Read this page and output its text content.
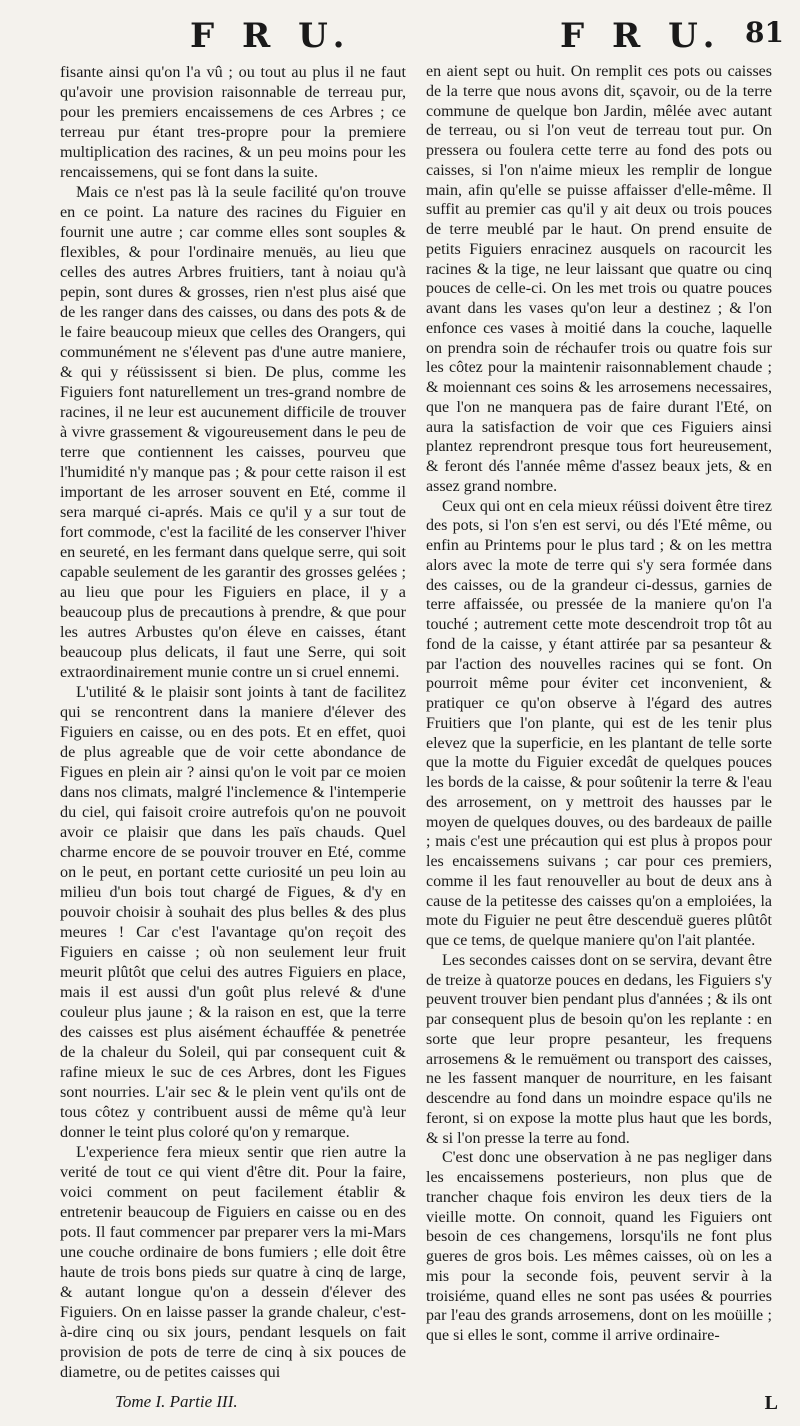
F R U.	F R U. 81

fisante ainsi qu'on l'a vû ; ou tout au plus il ne faut qu'avoir une provision raisonnable de terreau pur, pour les premiers encaissemens de ces Arbres ; ce terreau pur étant tres-propre pour la premiere multiplication des racines, & un peu moins pour les rencaissemens, qui se font dans la suite.

Mais ce n'est pas là la seule facilité qu'on trouve en ce point. La nature des racines du Figuier en fournit une autre ; car comme elles sont souples & flexibles, & pour l'ordinaire menuës, au lieu que celles des autres Arbres fruitiers, tant à noiau qu'à pepin, sont dures & grosses, rien n'est plus aisé que de les ranger dans des caisses, ou dans des pots & de le faire beaucoup mieux que celles des Orangers, qui communément ne s'élevent pas d'une autre maniere, & qui y réüssissent si bien. De plus, comme les Figuiers font naturellement un tres-grand nombre de racines, il ne leur est aucunement difficile de trouver à vivre grassement & vigoureusement dans le peu de terre que contiennent les caisses, pourveu que l'humidité n'y manque pas ; & pour cette raison il est important de les arroser souvent en Eté, comme il sera marqué ci-aprés. Mais ce qu'il y a sur tout de fort commode, c'est la facilité de les conserver l'hiver en seureté, en les fermant dans quelque serre, qui soit capable seulement de les garantir des grosses gelées ; au lieu que pour les Figuiers en place, il y a beaucoup plus de precautions à prendre, & que pour les autres Arbustes qu'on éleve en caisses, étant beaucoup plus delicats, il faut une Serre, qui soit extraordinairement munie contre un si cruel ennemi.

L'utilité & le plaisir sont joints à tant de facilitez qui se rencontrent dans la maniere d'élever des Figuiers en caisse, ou en des pots. Et en effet, quoi de plus agreable que de voir cette abondance de Figues en plein air ? ainsi qu'on le voit par ce moien dans nos climats, malgré l'inclemence & l'intemperie du ciel, qui faisoit croire autrefois qu'on ne pouvoit avoir ce plaisir que dans les païs chauds. Quel charme encore de se pouvoir trouver en Eté, comme on le peut, en portant cette curiosité un peu loin au milieu d'un bois tout chargé de Figues, & d'y en pouvoir choisir à souhait des plus belles & des plus meures ! Car c'est l'avantage qu'on reçoit des Figuiers en caisse ; où non seulement leur fruit meurit plûtôt que celui des autres Figuiers en place, mais il est aussi d'un goût plus relevé & d'une couleur plus jaune ; & la raison en est, que la terre des caisses est plus aisément échauffée & penetrée de la chaleur du Soleil, qui par consequent cuit & rafine mieux le suc de ces Arbres, dont les Figues sont nourries. L'air sec & le plein vent qu'ils ont de tous côtez y contribuent aussi de même qu'à leur donner le teint plus coloré qu'on y remarque.

L'experience fera mieux sentir que rien autre la verité de tout ce qui vient d'être dit. Pour la faire, voici comment on peut facilement établir & entretenir beaucoup de Figuiers en caisse ou en des pots. Il faut commencer par preparer vers la mi-Mars une couche ordinaire de bons fumiers ; elle doit être haute de trois bons pieds sur quatre à cinq de large, & autant longue qu'on a dessein d'élever des Figuiers. On en laisse passer la grande chaleur, c'est-à-dire cinq ou six jours, pendant lesquels on fait provision de pots de terre de cinq à six pouces de diametre, ou de petites caisses qui

en aient sept ou huit. On remplit ces pots ou caisses de la terre que nous avons dit, sçavoir, ou de la terre commune de quelque bon Jardin, mêlée avec autant de terreau, ou si l'on veut de terreau tout pur. On pressera ou foulera cette terre au fond des pots ou caisses, si l'on n'aime mieux les remplir de longue main, afin qu'elle se puisse affaisser d'elle-même. Il suffit au premier cas qu'il y ait deux ou trois pouces de terre meublé par le haut. On prend ensuite de petits Figuiers enracinez ausquels on racourcit les racines & la tige, ne leur laissant que quatre ou cinq pouces de celle-ci. On les met trois ou quatre pouces avant dans les vases qu'on leur a destinez ; & l'on enfonce ces vases à moitié dans la couche, laquelle on prendra soin de réchaufer trois ou quatre fois sur les côtez pour la maintenir raisonnablement chaude ; & moiennant ces soins & les arrosemens necessaires, que l'on ne manquera pas de faire durant l'Eté, on aura la satisfaction de voir que ces Figuiers ainsi plantez reprendront presque tous fort heureusement, & feront dés l'année même d'assez beaux jets, & en assez grand nombre.

Ceux qui ont en cela mieux réüssi doivent être tirez des pots, si l'on s'en est servi, ou dés l'Eté même, ou enfin au Printems pour le plus tard ; & on les mettra alors avec la mote de terre qui s'y sera formée dans des caisses, ou de la grandeur ci-dessus, garnies de terre affaissée, ou pressée de la maniere qu'on l'a touché ; autrement cette mote descendroit trop tôt au fond de la caisse, y étant attirée par sa pesanteur & par l'action des nouvelles racines qui se font. On pourroit même pour éviter cet inconvenient, & pratiquer ce qu'on observe à l'égard des autres Fruitiers que l'on plante, qui est de les tenir plus elevez que la superficie, en les plantant de telle sorte que la motte du Figuier excedât de quelques pouces les bords de la caisse, & pour soûtenir la terre & l'eau des arrosement, on y mettroit des hausses par le moyen de quelques douves, ou des bardeaux de paille ; mais c'est une précaution qui est plus à propos pour les encaissemens suivans ; car pour ces premiers, comme il les faut renouveller au bout de deux ans à cause de la petitesse des caisses qu'on a emploiées, la mote du Figuier ne peut être descenduë gueres plûtôt que ce tems, de quelque maniere qu'on l'ait plantée.

Les secondes caisses dont on se servira, devant être de treize à quatorze pouces en dedans, les Figuiers s'y peuvent trouver bien pendant plus d'années ; & ils ont par consequent plus de besoin qu'on les replante : en sorte que leur propre pesanteur, les frequens arrosemens & le remuëment ou transport des caisses, ne les fassent manquer de nourriture, en les faisant descendre au fond dans un moindre espace qu'ils ne feront, si on expose la motte plus haut que les bords, & si l'on presse la terre au fond.

C'est donc une observation à ne pas negliger dans les encaissemens posterieurs, non plus que de trancher chaque fois environ les deux tiers de la vieille motte. On connoit, quand les Figuiers ont besoin de ces changemens, lorsqu'ils ne font plus gueres de gros bois. Les mêmes caisses, où on les a mis pour la seconde fois, peuvent servir à la troisiéme, quand elles ne sont pas usées & pourries par l'eau des grands arrosemens, dont on les moüille ; que si elles le sont, comme il arrive ordinaire-

Tome I. Partie III.	L
